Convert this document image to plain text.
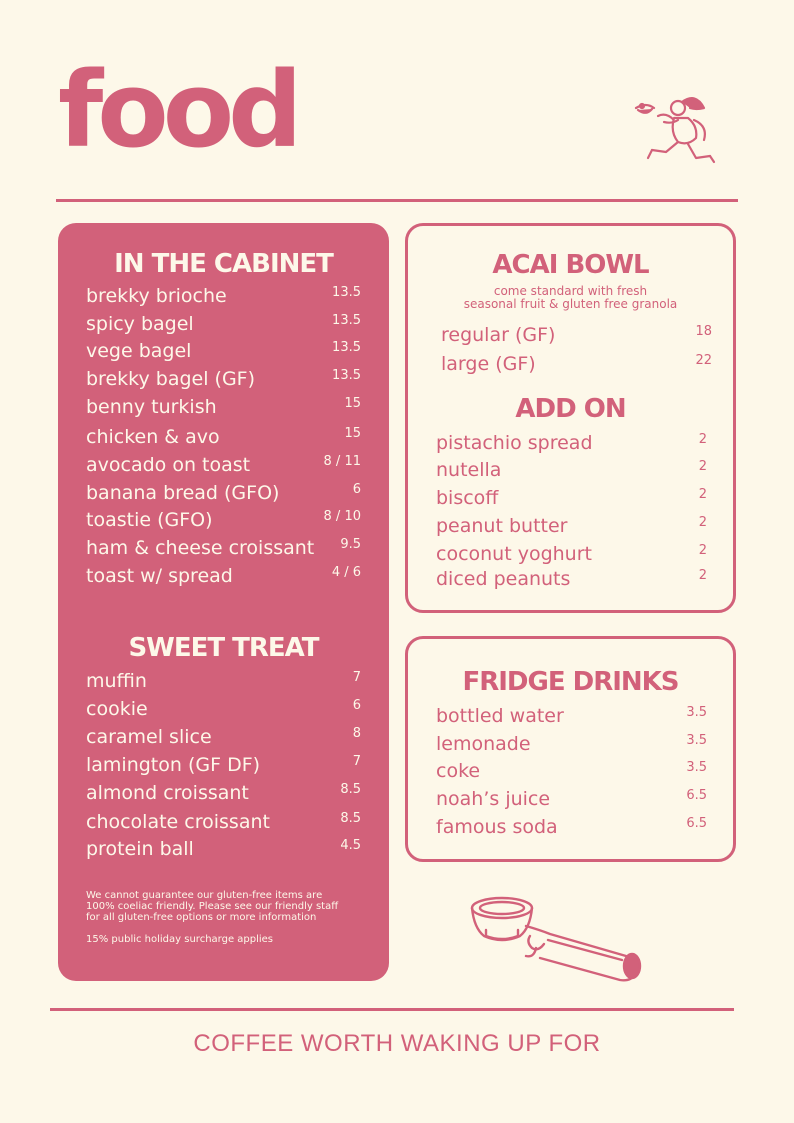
food
IN THE CABINET
brekky brioche	13.5
spicy bagel	13.5
vege bagel	13.5
brekky bagel (GF)	13.5
benny turkish	15
chicken & avo	15
avocado on toast	8 / 11
banana bread (GFO)	6
toastie (GFO)	8 / 10
ham & cheese croissant 9.5
toast w/ spread	4 / 6
SWEET TREAT
muffin	7
cookie	6
caramel slice	8
lamington (GF DF)	7
almond croissant	8.5
chocolate croissant	8.5
protein ball	4.5
We cannot guarantee our gluten-free items are
100% coeliac friendly. Please see our friendly staff
for all gluten-free options or more information
15% public holiday surcharge applies
ACAI BOWL
come standard with fresh
seasonal fruit & gluten free granola
regular (GF)	18
large (GF)	22
ADD ON
pistachio spread	2
nutella	2
biscoff	2
peanut butter	2
coconut yoghurt	2
diced peanuts	2
FRIDGE DRINKS
bottled water	3.5
lemonade	3.5
coke	3.5
noah’s juice	6.5
famous soda	6.5
COFFEE WORTH WAKING UP FOR
